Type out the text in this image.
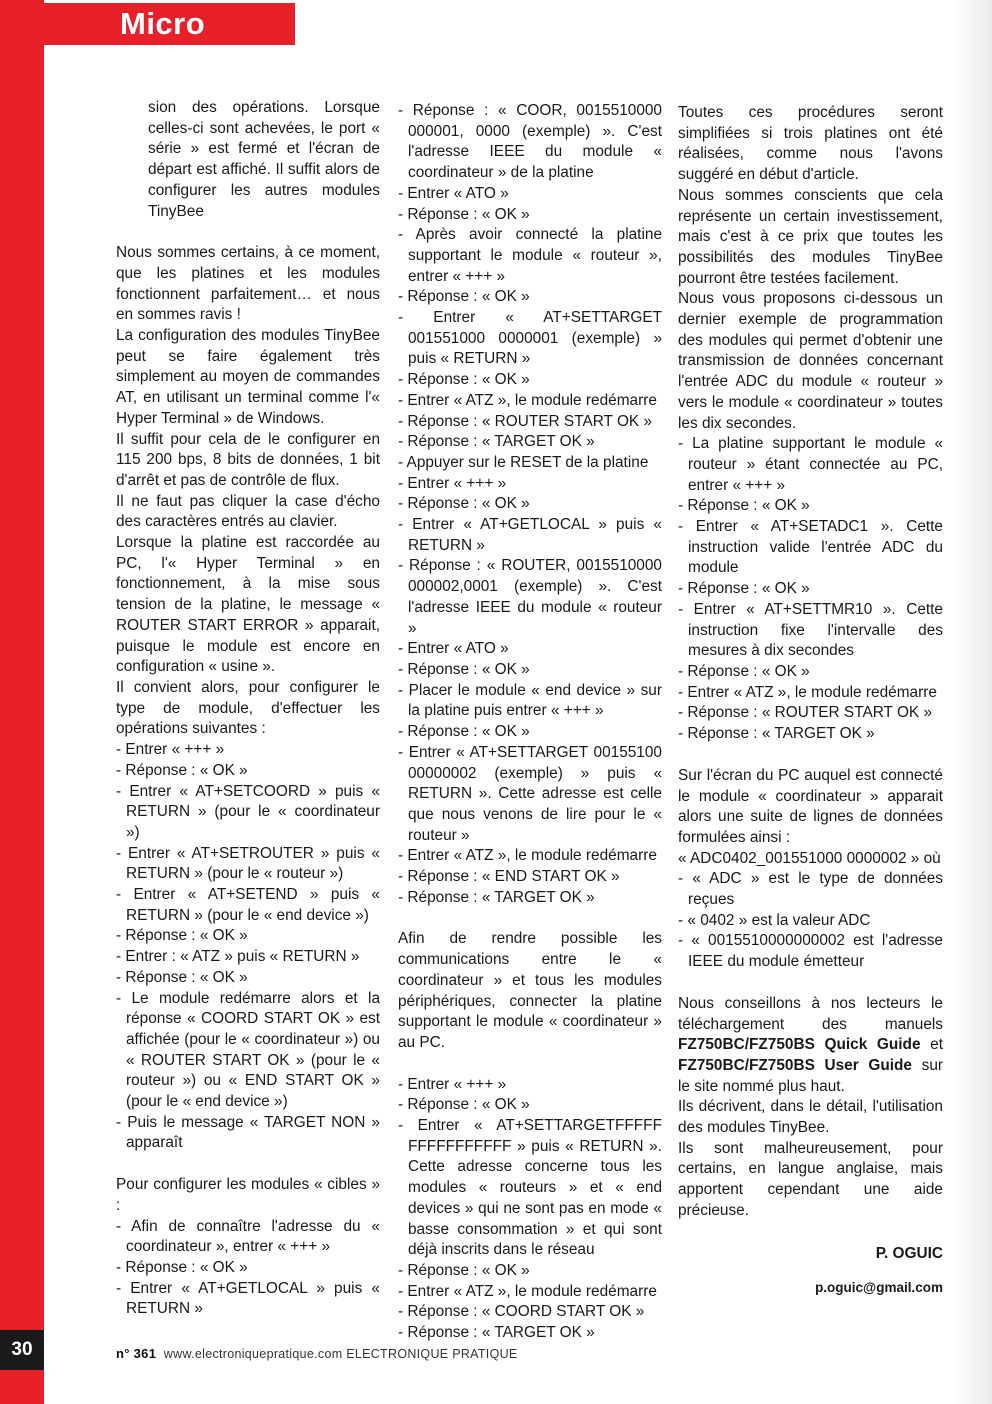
Micro

sion des opérations. Lorsque celles-ci sont achevées, le port « série » est fermé et l'écran de départ est affiché. Il suffit alors de configurer les autres modules TinyBee

Nous sommes certains, à ce moment, que les platines et les modules fonctionnent parfaitement… et nous en sommes ravis !

La configuration des modules TinyBee peut se faire également très simplement au moyen de commandes AT, en utilisant un terminal comme l'« Hyper Terminal » de Windows.

Il suffit pour cela de le configurer en 115 200 bps, 8 bits de données, 1 bit d'arrêt et pas de contrôle de flux.

Il ne faut pas cliquer la case d'écho des caractères entrés au clavier.

Lorsque la platine est raccordée au PC, l'« Hyper Terminal » en fonctionnement, à la mise sous tension de la platine, le message « ROUTER START ERROR » apparait, puisque le module est encore en configuration « usine ».

Il convient alors, pour configurer le type de module, d'effectuer les opérations suivantes :

- Entrer « +++ »

- Réponse : « OK »

- Entrer « AT+SETCOORD » puis « RETURN » (pour le « coordinateur »)

- Entrer « AT+SETROUTER » puis « RETURN » (pour le « routeur »)

- Entrer « AT+SETEND » puis « RETURN » (pour le « end device »)

- Réponse : « OK »

- Entrer : « ATZ » puis « RETURN »

- Réponse : « OK »

- Le module redémarre alors et la réponse « COORD START OK » est affichée (pour le « coordinateur ») ou « ROUTER START OK » (pour le « routeur ») ou « END START OK » (pour le « end device »)

- Puis le message « TARGET NON » apparaît

Pour configurer les modules « cibles » :

- Afin de connaître l'adresse du « coordinateur », entrer « +++ »

- Réponse : « OK »

- Entrer « AT+GETLOCAL » puis « RETURN »

- Réponse : « COOR, 0015510000 000001, 0000 (exemple) ». C'est l'adresse IEEE du module « coordinateur » de la platine

- Entrer « ATO »

- Réponse : « OK »

- Après avoir connecté la platine supportant le module « routeur », entrer « +++ »

- Réponse : « OK »

- Entrer « AT+SETTARGET 001551000 0000001 (exemple) » puis « RETURN »

- Réponse : « OK »

- Entrer « ATZ », le module redémarre

- Réponse : « ROUTER START OK »

- Réponse : « TARGET OK »

- Appuyer sur le RESET de la platine

- Entrer « +++ »

- Réponse : « OK »

- Entrer « AT+GETLOCAL » puis « RETURN »

- Réponse : « ROUTER, 0015510000 000002,0001 (exemple) ». C'est l'adresse IEEE du module « routeur »

- Entrer « ATO »

- Réponse : « OK »

- Placer le module « end device » sur la platine puis entrer « +++ »

- Réponse : « OK »

- Entrer « AT+SETTARGET 00155100 00000002 (exemple) » puis « RETURN ». Cette adresse est celle que nous venons de lire pour le « routeur »

- Entrer « ATZ », le module redémarre

- Réponse : « END START OK »

- Réponse : « TARGET OK »

Afin de rendre possible les communications entre le « coordinateur » et tous les modules périphériques, connecter la platine supportant le module « coordinateur » au PC.

- Entrer « +++ »

- Réponse : « OK »

- Entrer « AT+SETTARGETFFFFF FFFFFFFFFFF » puis « RETURN ». Cette adresse concerne tous les modules « routeurs » et « end devices » qui ne sont pas en mode « basse consommation » et qui sont déjà inscrits dans le réseau

- Réponse : « OK »

- Entrer « ATZ », le module redémarre

- Réponse : « COORD START OK »

- Réponse : « TARGET OK »

Toutes ces procédures seront simplifiées si trois platines ont été réalisées, comme nous l'avons suggéré en début d'article.

Nous sommes conscients que cela représente un certain investissement, mais c'est à ce prix que toutes les possibilités des modules TinyBee pourront être testées facilement.

Nous vous proposons ci-dessous un dernier exemple de programmation des modules qui permet d'obtenir une transmission de données concernant l'entrée ADC du module « routeur » vers le module « coordinateur » toutes les dix secondes.

- La platine supportant le module « routeur » étant connectée au PC, entrer « +++ »

- Réponse : « OK »

- Entrer « AT+SETADC1 ». Cette instruction valide l'entrée ADC du module

- Réponse : « OK »

- Entrer « AT+SETTMR10 ». Cette instruction fixe l'intervalle des mesures à dix secondes

- Réponse : « OK »

- Entrer « ATZ », le module redémarre

- Réponse : « ROUTER START OK »

- Réponse : « TARGET OK »

Sur l'écran du PC auquel est connecté le module « coordinateur » apparait alors une suite de lignes de données formulées ainsi :

« ADC0402_001551000 0000002 » où

- « ADC » est le type de données reçues

- « 0402 » est la valeur ADC

- « 0015510000000002 est l'adresse IEEE du module émetteur

Nous conseillons à nos lecteurs le téléchargement des manuels FZ750BC/FZ750BS Quick Guide et FZ750BC/FZ750BS User Guide sur le site nommé plus haut.

Ils décrivent, dans le détail, l'utilisation des modules TinyBee.

Ils sont malheureusement, pour certains, en langue anglaise, mais apportent cependant une aide précieuse.

P. OGUIC

p.oguic@gmail.com

30	n° 361 www.electroniquepratique.com ELECTRONIQUE PRATIQUE
